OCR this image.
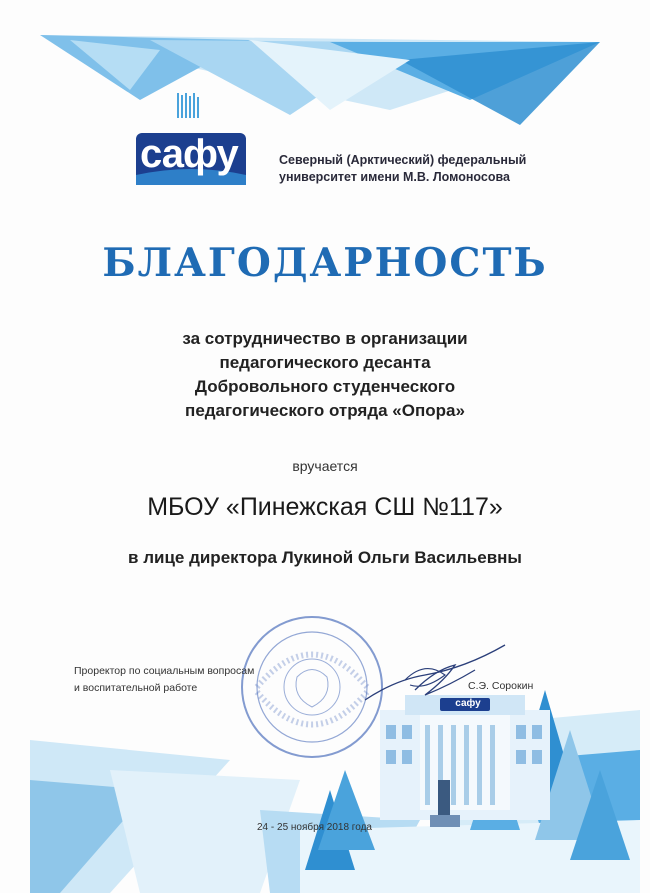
сафу	Северный (Арктический) федеральный
университет имени М.В. Ломоносова
БЛАГОДАРНОСТЬ
за сотрудничество в организации
педагогического десанта
Добровольного студенческого
педагогического отряда «Опора»
вручается
МБОУ «Пинежская СШ №117»
в лице директора Лукиной Ольги Васильевны
сафу
Проректор по социальным вопросам
и воспитательной работе	С.Э. Сорокин
24 - 25 ноября 2018 года
